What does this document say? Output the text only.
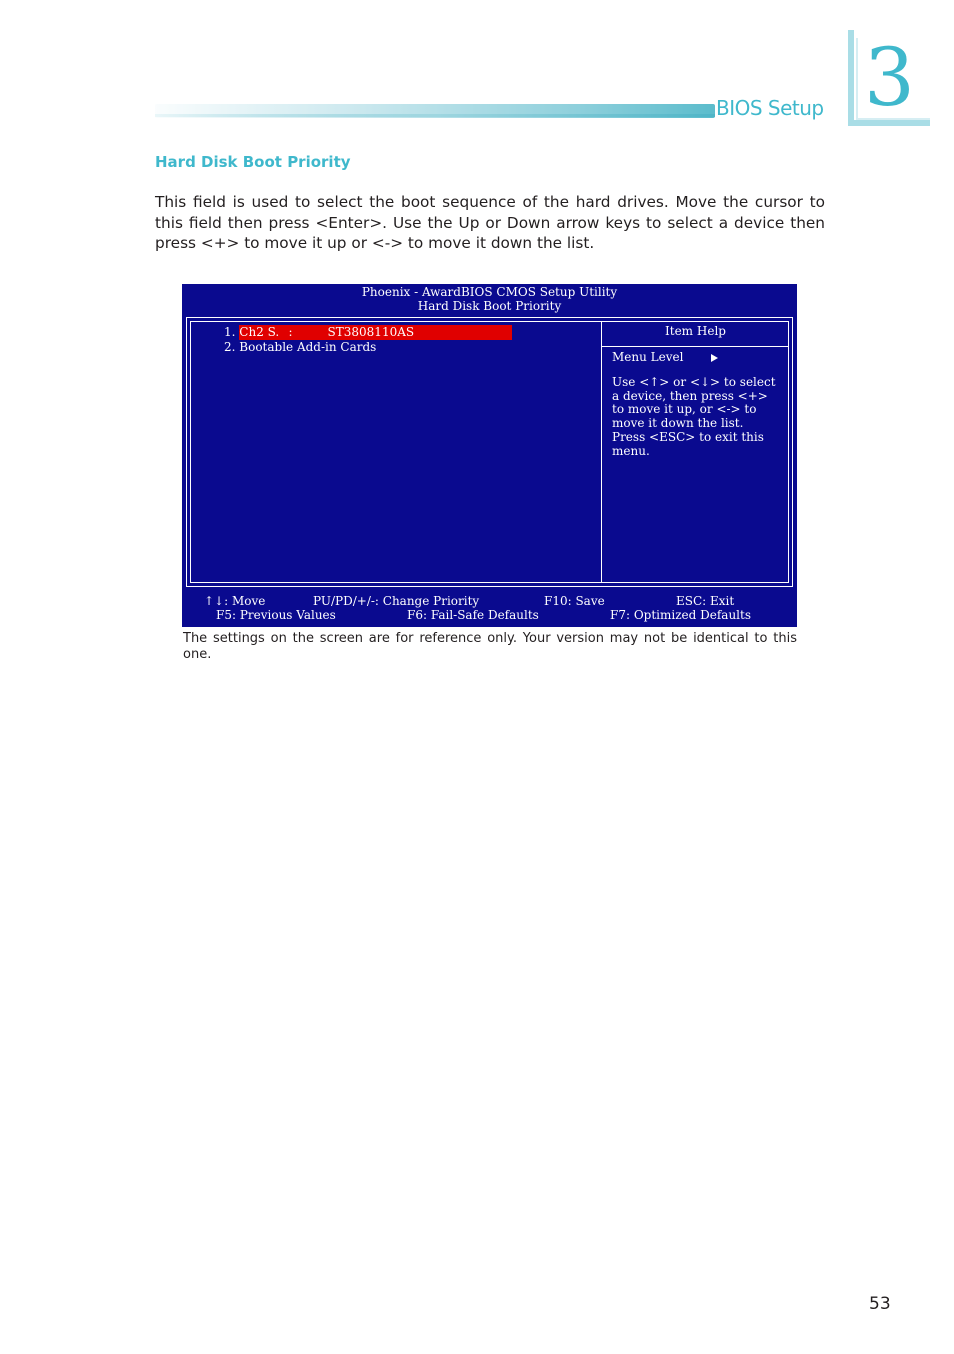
BIOS Setup 3
Hard Disk Boot Priority
This field is used to select the boot sequence of the hard drives. Move the cursor to this field then press <Enter>. Use the Up or Down arrow keys to select a device then press <+> to move it up or <-> to move it down the list.
Phoenix - AwardBIOS CMOS Setup Utility
Hard Disk Boot Priority
1. Ch2 S. :	ST3808110AS
2. Bootable Add-in Cards
Item Help
Menu Level
Use <↑> or <↓> to select
a device, then press <+>
to move it up, or <-> to
move it down the list.
Press <ESC> to exit this
menu.
↑↓: Move	PU/PD/+/-: Change Priority	F10: Save	ESC: Exit
F5: Previous Values	F6: Fail-Safe Defaults	F7: Optimized Defaults
The settings on the screen are for reference only. Your version may not be identical to this one.
53
